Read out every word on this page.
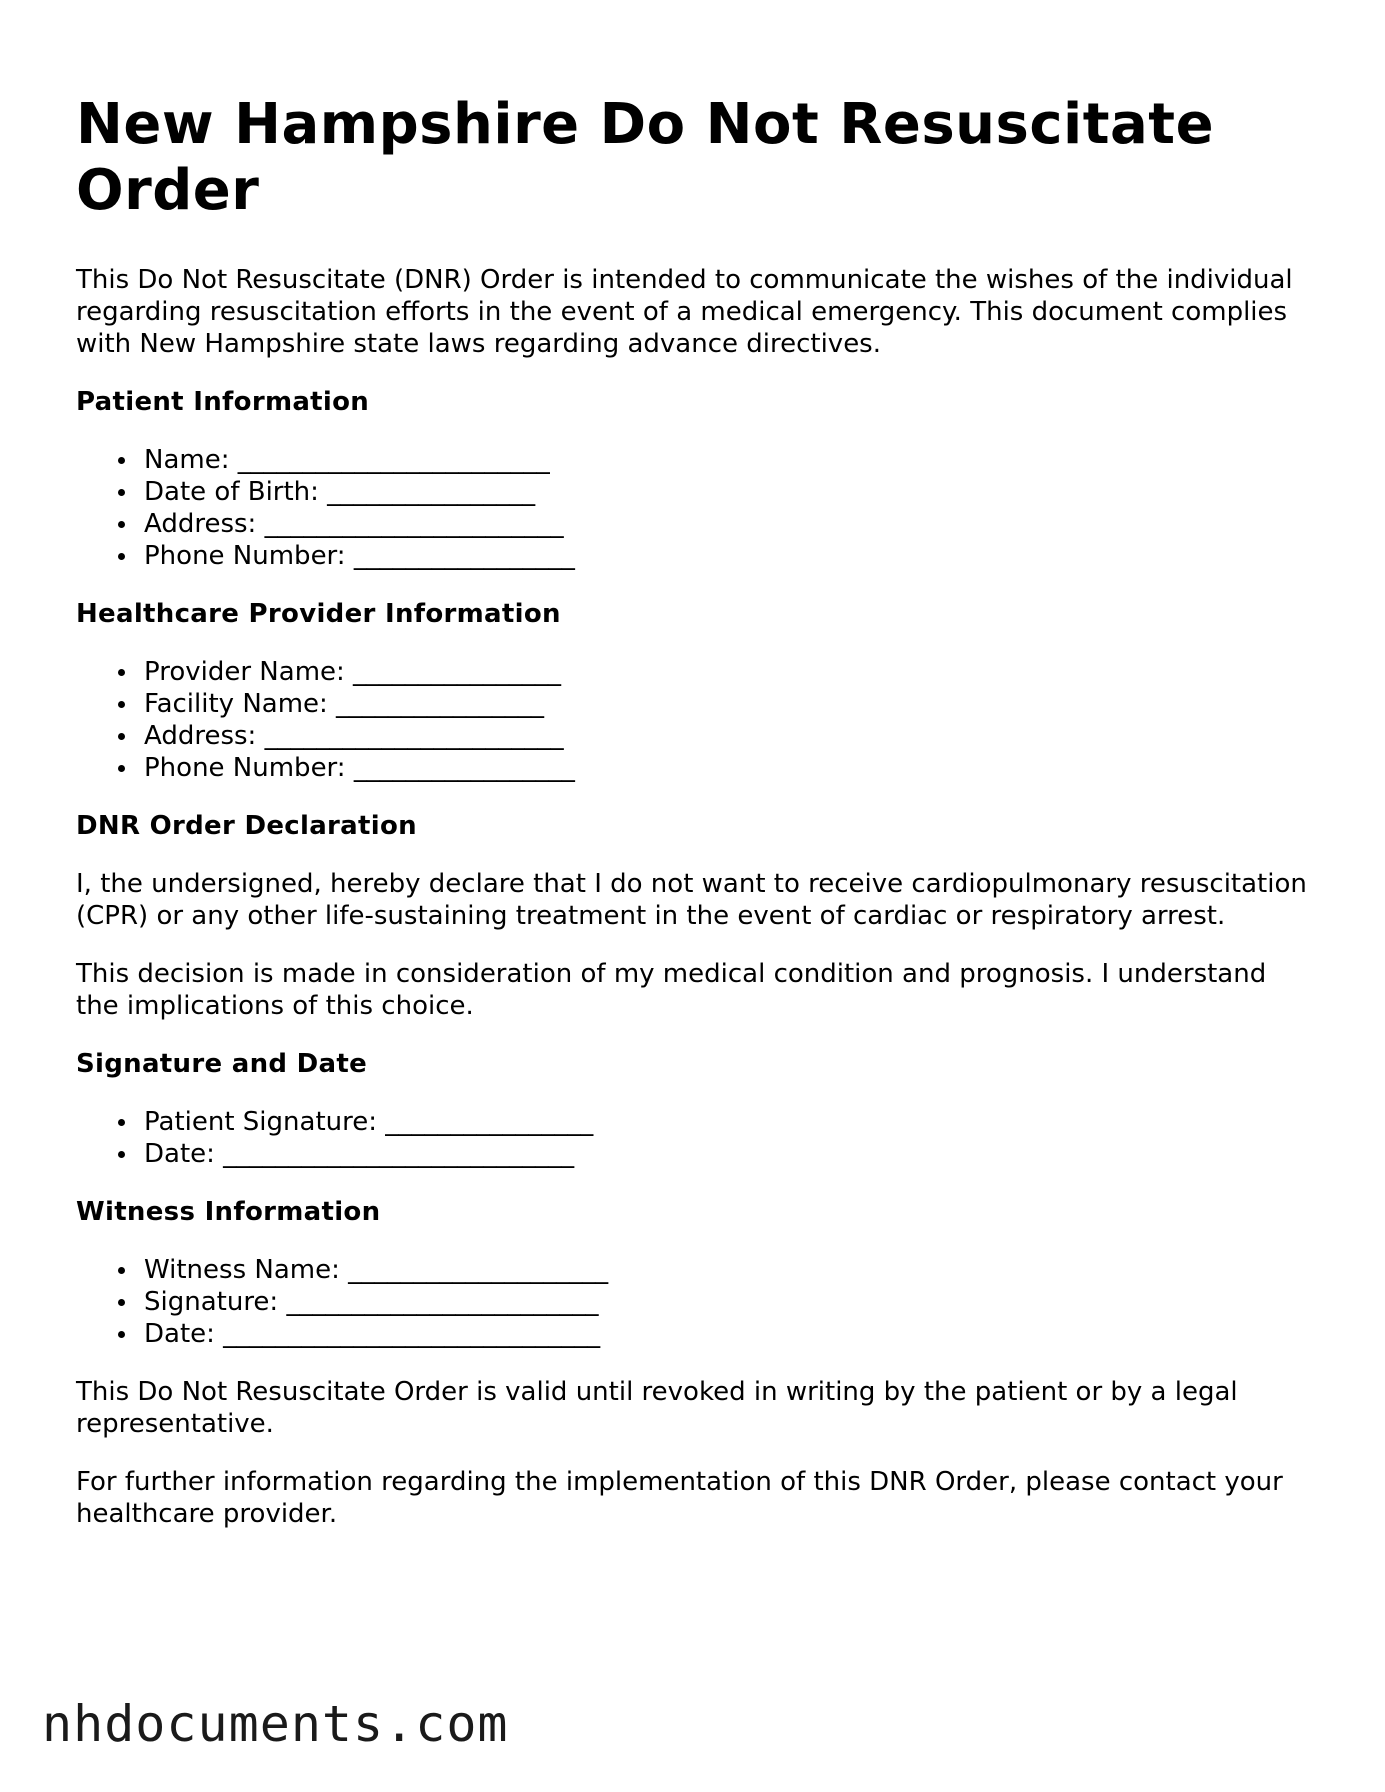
New Hampshire Do Not Resuscitate Order

This Do Not Resuscitate (DNR) Order is intended to communicate the wishes of the individual regarding resuscitation efforts in the event of a medical emergency. This document complies with New Hampshire state laws regarding advance directives.

Patient Information
Name: ________________________
Date of Birth: ________________
Address: _______________________
Phone Number: _________________
Healthcare Provider Information
Provider Name: ________________
Facility Name: ________________
Address: _______________________
Phone Number: _________________
DNR Order Declaration

I, the undersigned, hereby declare that I do not want to receive cardiopulmonary resuscitation (CPR) or any other life-sustaining treatment in the event of cardiac or respiratory arrest.

This decision is made in consideration of my medical condition and prognosis. I understand the implications of this choice.

Signature and Date
Patient Signature: ________________
Date: ___________________________
Witness Information
Witness Name: ____________________
Signature: ________________________
Date: _____________________________

This Do Not Resuscitate Order is valid until revoked in writing by the patient or by a legal representative.

For further information regarding the implementation of this DNR Order, please contact your healthcare provider.

nhdocuments.com
